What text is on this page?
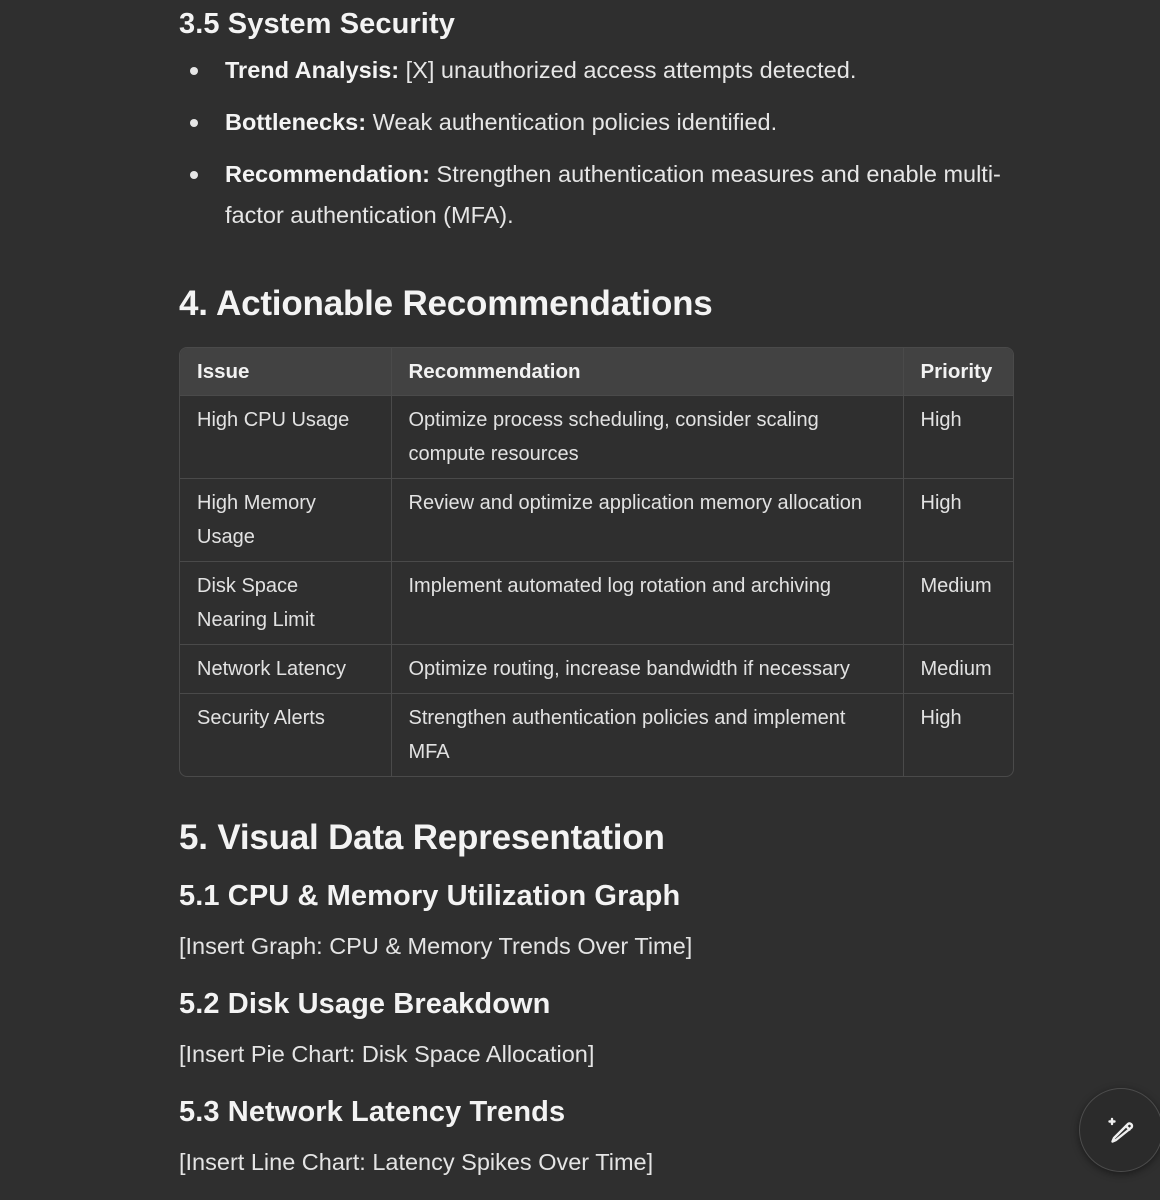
3.5 System Security
Trend Analysis: [X] unauthorized access attempts detected.
Bottlenecks: Weak authentication policies identified.
Recommendation: Strengthen authentication measures and enable multi-factor authentication (MFA).
4. Actionable Recommendations
Issue	Recommendation	Priority
High CPU Usage	Optimize process scheduling, consider scaling compute resources	High
High Memory Usage	Review and optimize application memory allocation	High
Disk Space Nearing Limit	Implement automated log rotation and archiving	Medium
Network Latency	Optimize routing, increase bandwidth if necessary	Medium
Security Alerts	Strengthen authentication policies and implement MFA	High
5. Visual Data Representation
5.1 CPU & Memory Utilization Graph

[Insert Graph: CPU & Memory Trends Over Time]

5.2 Disk Usage Breakdown

[Insert Pie Chart: Disk Space Allocation]

5.3 Network Latency Trends

[Insert Line Chart: Latency Spikes Over Time]
